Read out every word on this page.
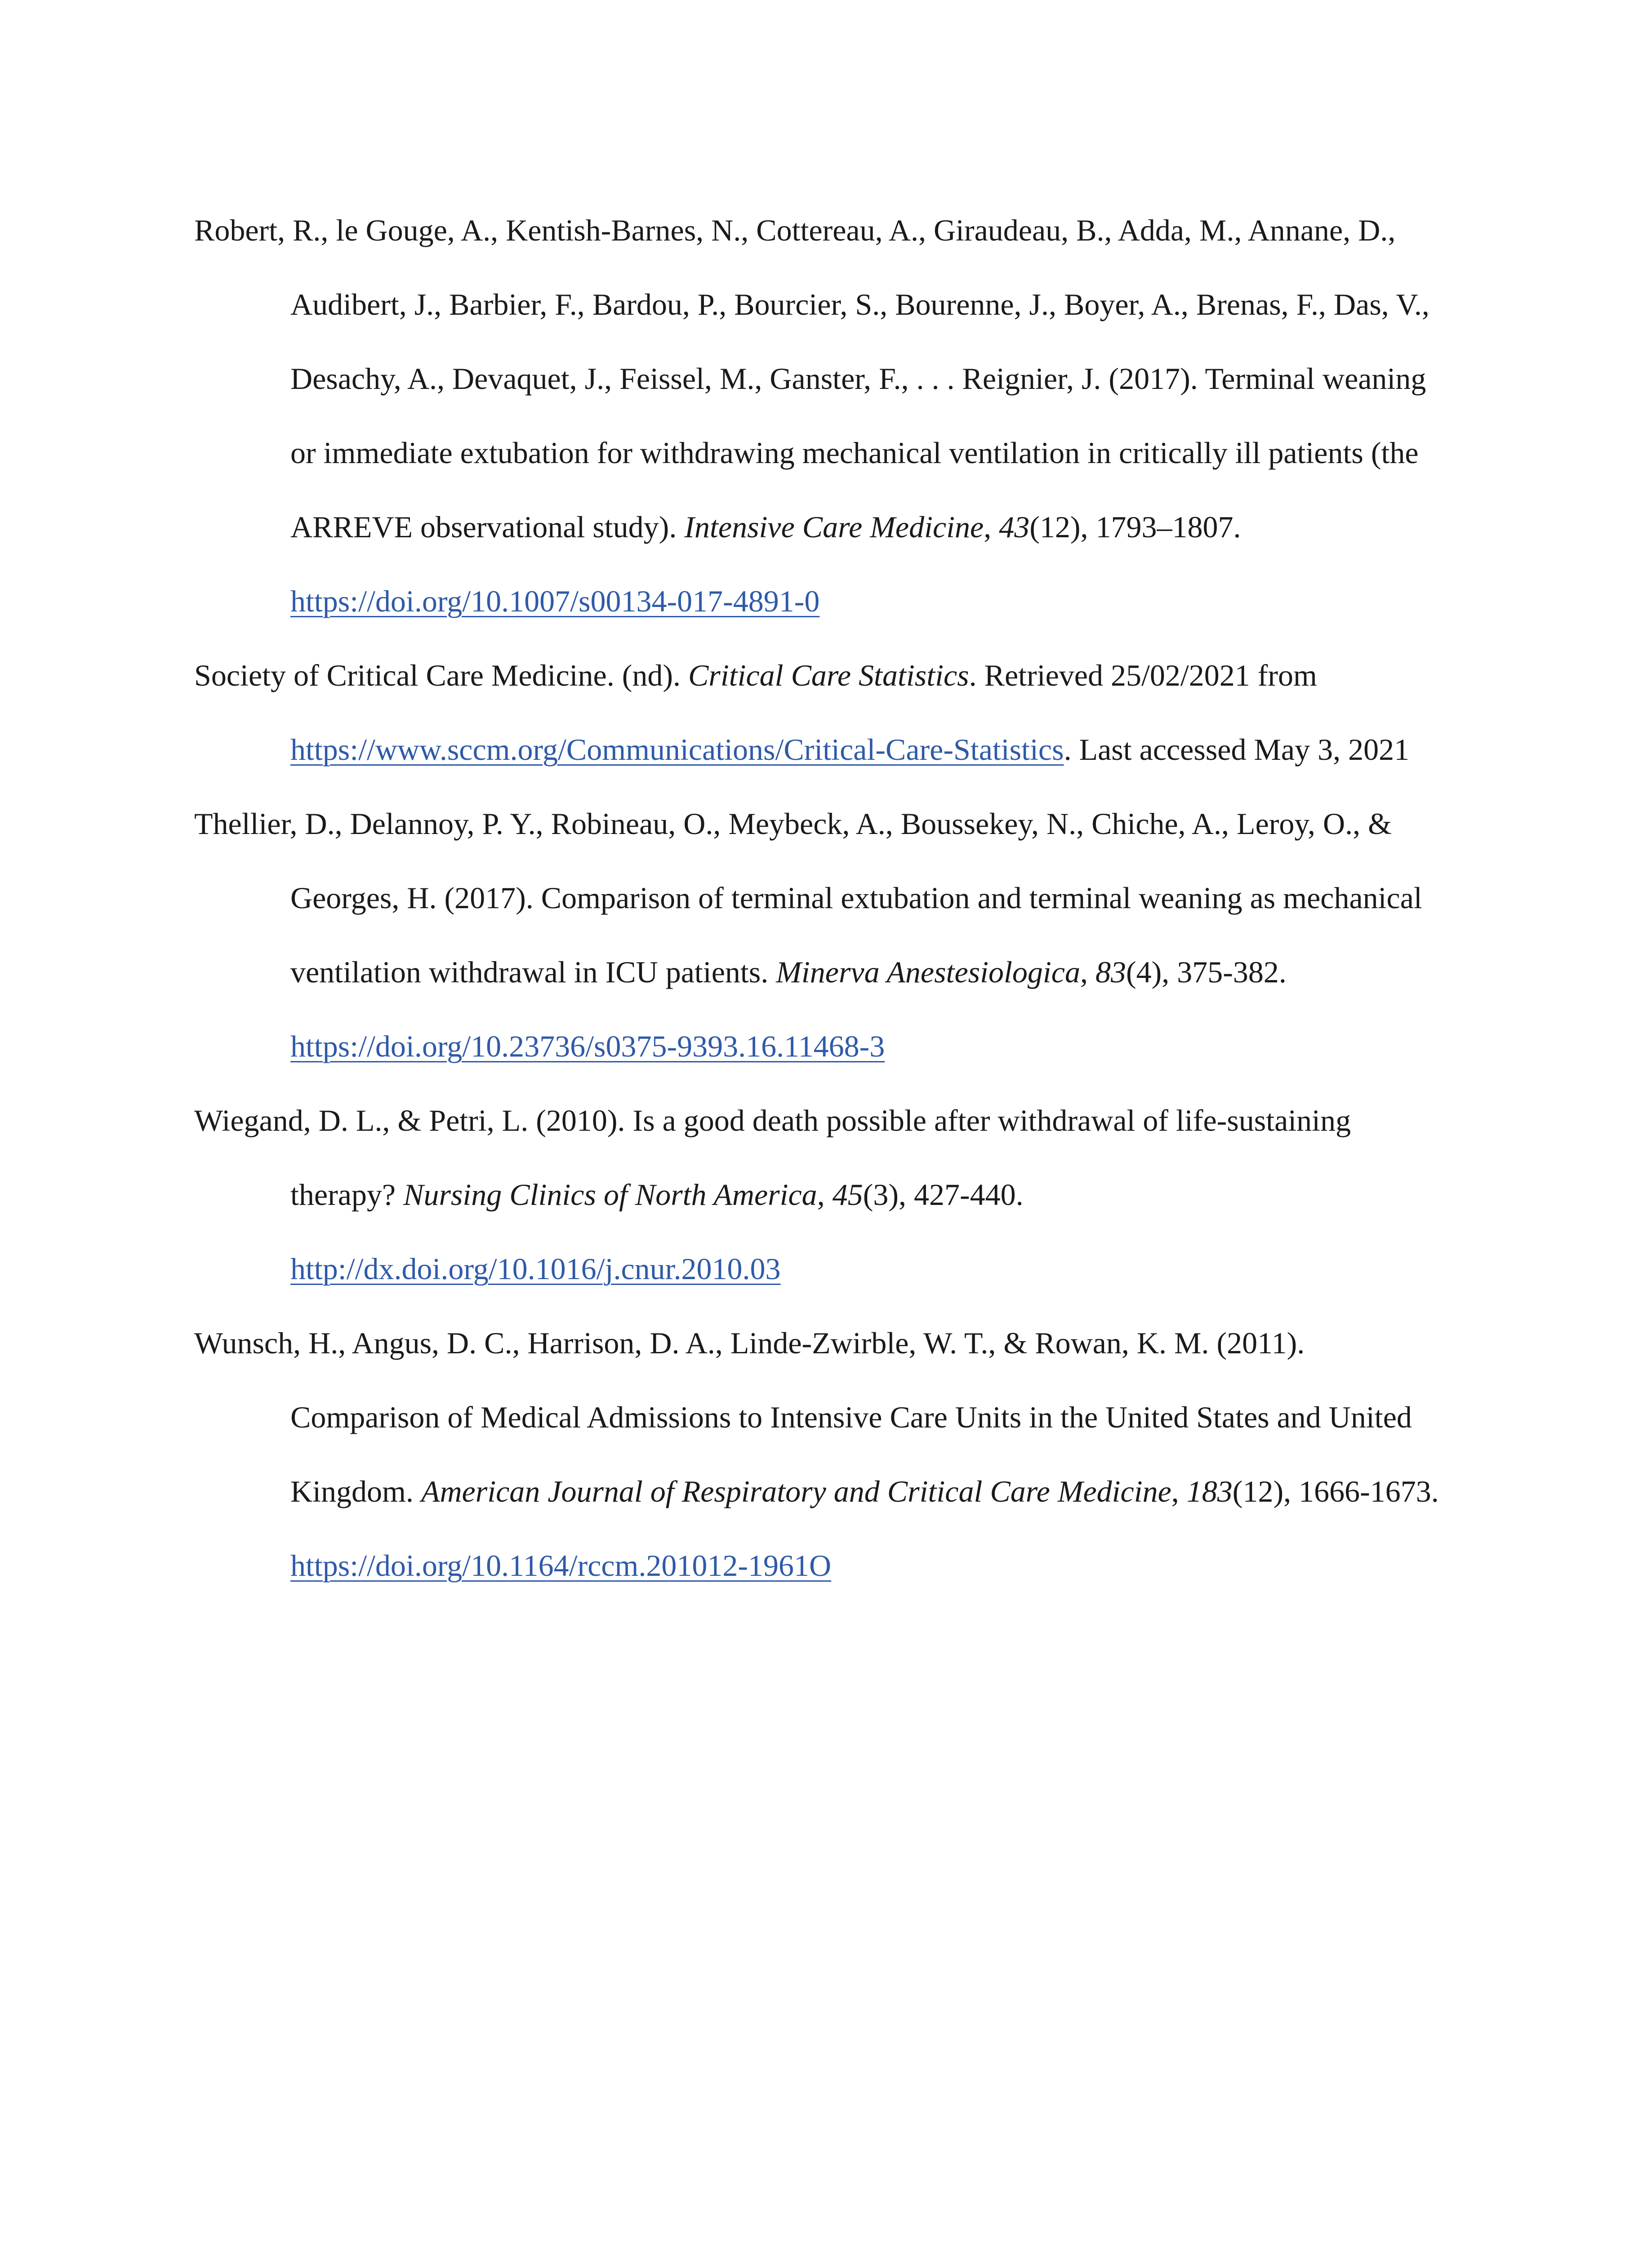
Robert, R., le Gouge, A., Kentish-Barnes, N., Cottereau, A., Giraudeau, B., Adda, M., Annane, D., Audibert, J., Barbier, F., Bardou, P., Bourcier, S., Bourenne, J., Boyer, A., Brenas, F., Das, V., Desachy, A., Devaquet, J., Feissel, M., Ganster, F., . . . Reignier, J. (2017). Terminal weaning or immediate extubation for withdrawing mechanical ventilation in critically ill patients (the ARREVE observational study). Intensive Care Medicine, 43(12), 1793–1807. https://doi.org/10.1007/s00134-017-4891-0

Society of Critical Care Medicine. (nd). Critical Care Statistics. Retrieved 25/02/2021 from https://www.sccm.org/Communications/Critical-Care-Statistics. Last accessed May 3, 2021

Thellier, D., Delannoy, P. Y., Robineau, O., Meybeck, A., Boussekey, N., Chiche, A., Leroy, O., & Georges, H. (2017). Comparison of terminal extubation and terminal weaning as mechanical ventilation withdrawal in ICU patients. Minerva Anestesiologica, 83(4), 375-382. https://doi.org/10.23736/s0375-9393.16.11468-3

Wiegand, D. L., & Petri, L. (2010). Is a good death possible after withdrawal of life-sustaining therapy? Nursing Clinics of North America, 45(3), 427-440. http://dx.doi.org/10.1016/j.cnur.2010.03

Wunsch, H., Angus, D. C., Harrison, D. A., Linde-Zwirble, W. T., & Rowan, K. M. (2011). Comparison of Medical Admissions to Intensive Care Units in the United States and United Kingdom. American Journal of Respiratory and Critical Care Medicine, 183(12), 1666-1673. https://doi.org/10.1164/rccm.201012-1961O
